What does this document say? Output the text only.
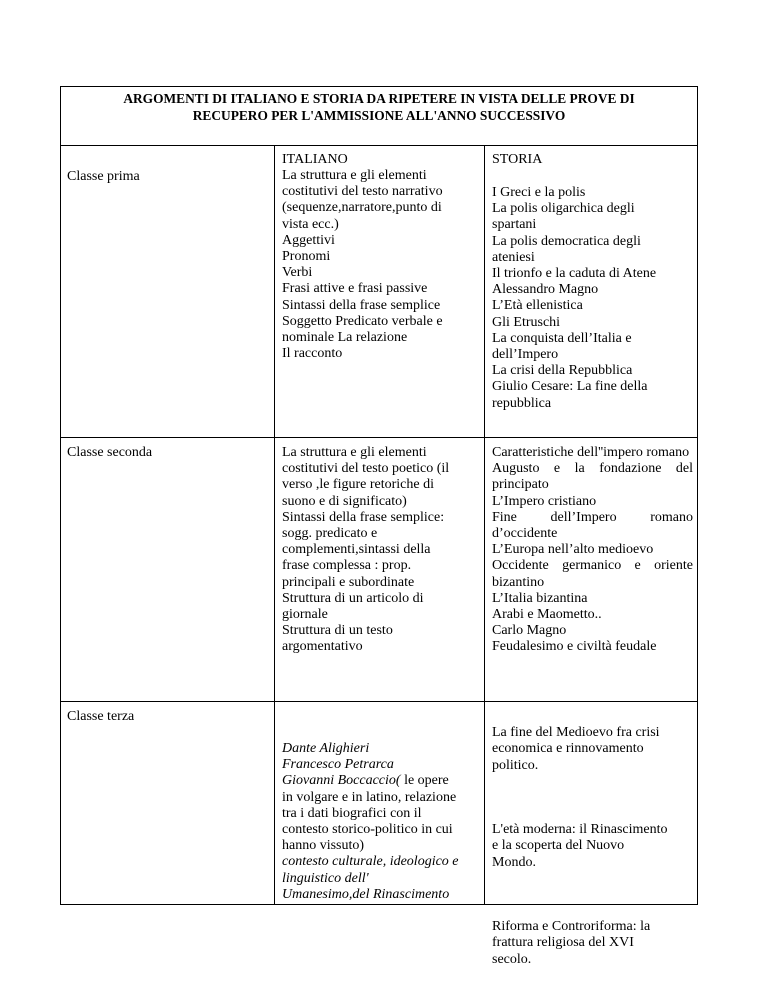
ARGOMENTI DI ITALIANO E STORIA DA RIPETERE IN VISTA DELLE PROVE DI
RECUPERO PER L'AMMISSIONE ALL'ANNO SUCCESSIVO
Classe prima
ITALIANO
La struttura e gli elementi
costitutivi del testo narrativo
(sequenze,narratore,punto di
vista ecc.)
Aggettivi
Pronomi
Verbi
Frasi attive e frasi passive
Sintassi della frase semplice
Soggetto Predicato verbale e
nominale La relazione
Il racconto
STORIA
I Greci e la polis
La polis oligarchica degli
spartani
La polis democratica degli
ateniesi
Il trionfo e la caduta di Atene
Alessandro Magno
L’Età ellenistica
Gli Etruschi
La conquista dell’Italia e
dell’Impero
La crisi della Repubblica
Giulio Cesare: La fine della
repubblica
Classe seconda	La struttura e gli elementi
costitutivi del testo poetico (il
verso ,le figure retoriche di
suono e di significato)
Sintassi della frase semplice:
sogg. predicato e
complementi,sintassi della
frase complessa : prop.
principali e subordinate
Struttura di un articolo di
giornale
Struttura di un testo
argomentativo
Caratteristiche dell''impero romano
Augusto e la fondazione del principato
L’Impero cristiano
Fine dell’Impero romano d’occidente
L’Europa nell’alto medioevo
Occidente germanico e oriente bizantino
L’Italia bizantina
Arabi e Maometto..
Carlo Magno
Feudalesimo e civiltà feudale
Classe terza
Dante Alighieri
Francesco Petrarca
Giovanni Boccaccio( le opere
in volgare e in latino, relazione
tra i dati biografici con il
contesto storico-politico in cui
hanno vissuto)
contesto culturale, ideologico e
linguistico dell'
Umanesimo,del Rinascimento

La fine del Medioevo fra crisi
economica e rinnovamento
politico.

L'età moderna: il Rinascimento
e la scoperta del Nuovo
Mondo.

Riforma e Controriforma: la
frattura religiosa del XVI
secolo.
